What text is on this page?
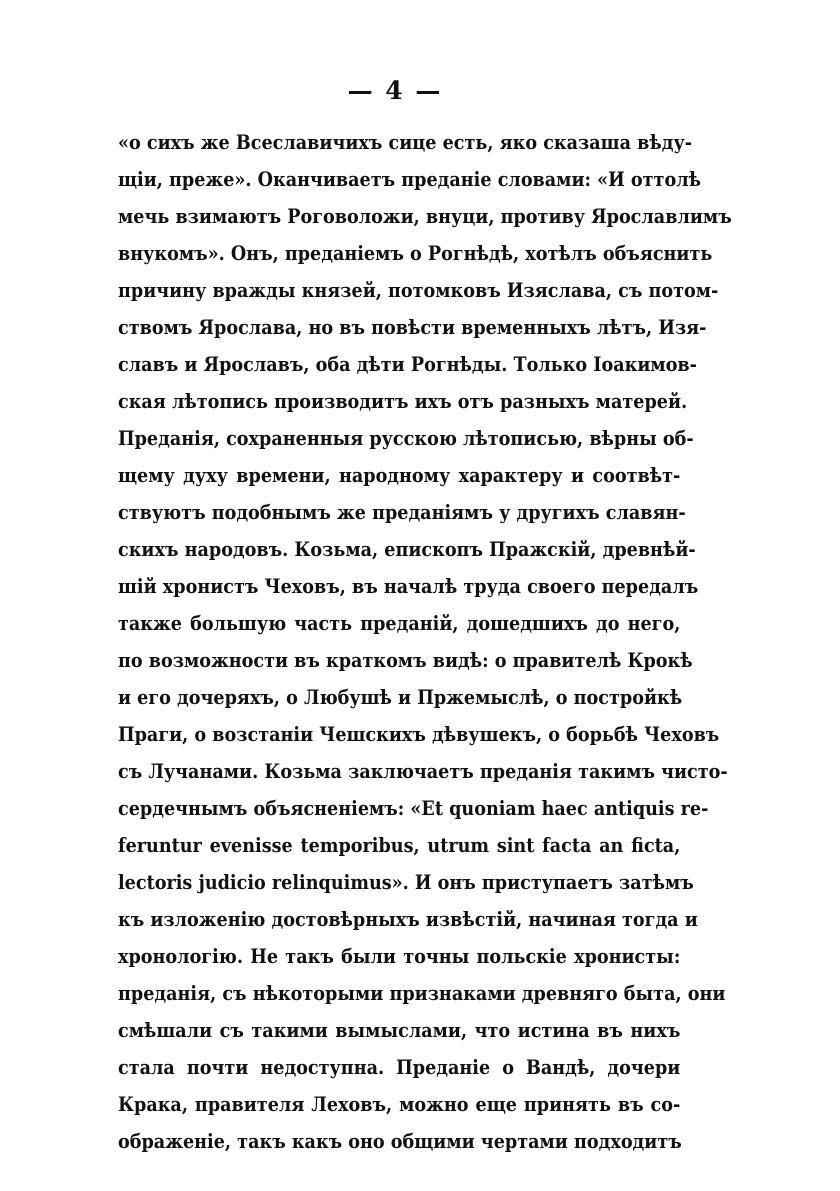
— 4 —
«о сихъ же Всеславичихъ сице есть, яко сказаша вѣду-
щіи, преже». Оканчиваетъ преданіе словами: «И оттолѣ
мечь взимаютъ Роговоложи, внуци, противу Ярославлимъ
внукомъ». Онъ, преданіемъ о Рогнѣдѣ, хотѣлъ объяснить
причину вражды князей, потомковъ Изяслава, съ потом-
ствомъ Ярослава, но въ повѣсти временныхъ лѣтъ, Изя-
славъ и Ярославъ, оба дѣти Рогнѣды. Только Іоакимов-
ская лѣтопись производитъ ихъ отъ разныхъ матерей.
Преданія, сохраненныя русскою лѣтописью, вѣрны об-
щему духу времени, народному характеру и соотвѣт-
ствуютъ подобнымъ же преданіямъ у другихъ славян-
скихъ народовъ. Козьма, епископъ Пражскій, древнѣй-
шій хронистъ Чеховъ, въ началѣ труда своего передалъ
также большую часть преданій, дошедшихъ до него,
по возможности въ краткомъ видѣ: о правителѣ Крокѣ
и его дочеряхъ, о Любушѣ и Пржемыслѣ, о постройкѣ
Праги, о возстаніи Чешскихъ дѣвушекъ, о борьбѣ Чеховъ
съ Лучанами. Козьма заключаетъ преданія такимъ чисто-
сердечнымъ объясненіемъ: «Et quoniam haec antiquis re-
feruntur evenisse temporibus, utrum sint facta an ficta,
lectoris judicio relinquimus». И онъ приступаетъ затѣмъ
къ изложенію достовѣрныхъ извѣстій, начиная тогда и
хронологію. Не такъ были точны польскіе хронисты:
преданія, съ нѣкоторыми признаками древняго быта, они
смѣшали съ такими вымыслами, что истина въ нихъ
стала почти недоступна. Преданіе о Вандѣ, дочери
Крака, правителя Леховъ, можно еще принять въ со-
ображеніе, такъ какъ оно общими чертами подходитъ
